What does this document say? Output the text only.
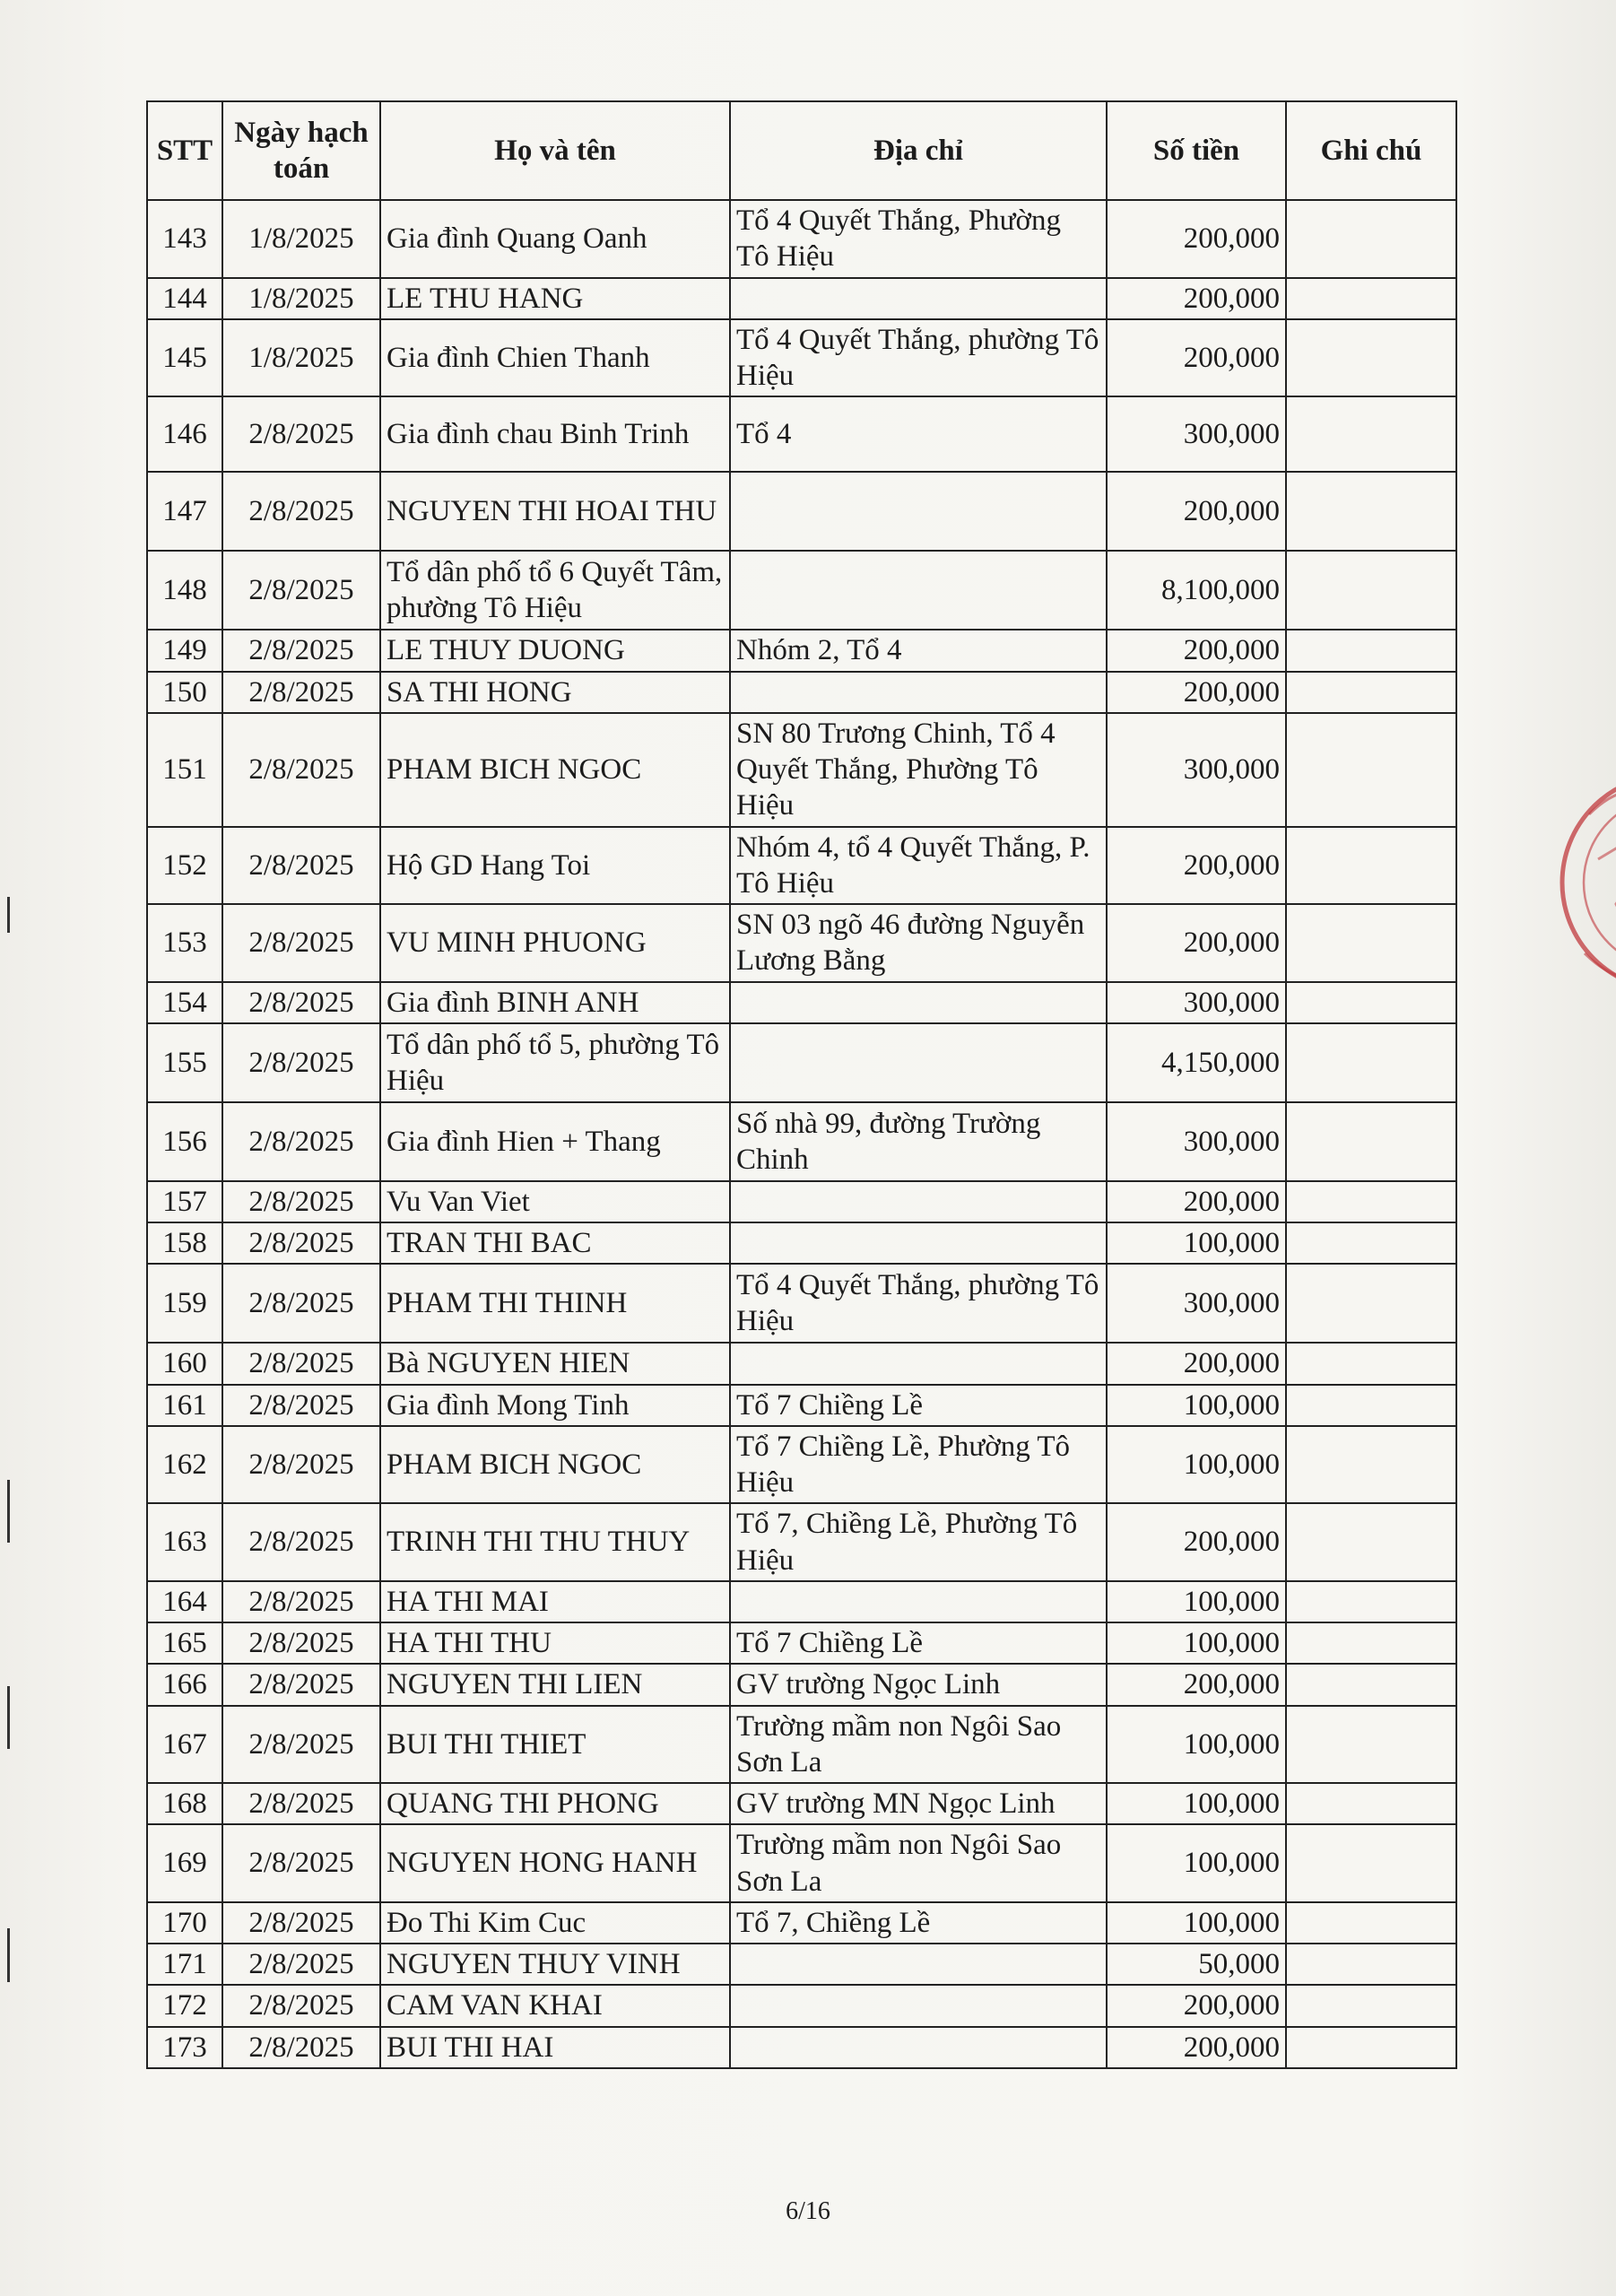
STT	Ngày hạch toán	Họ và tên	Địa chỉ	Số tiền	Ghi chú
143	1/8/2025	Gia đình Quang Oanh	Tổ 4 Quyết Thắng, Phường Tô Hiệu	200,000	
144	1/8/2025	LE THU HANG		200,000	
145	1/8/2025	Gia đình Chien Thanh	Tổ 4 Quyết Thắng, phường Tô Hiệu	200,000	
146	2/8/2025	Gia đình chau Binh Trinh	Tổ 4	300,000	
147	2/8/2025	NGUYEN THI HOAI THU		200,000	
148	2/8/2025	Tổ dân phố tổ 6 Quyết Tâm, phường Tô Hiệu		8,100,000	
149	2/8/2025	LE THUY DUONG	Nhóm 2, Tổ 4	200,000	
150	2/8/2025	SA THI HONG		200,000	
151	2/8/2025	PHAM BICH NGOC	SN 80 Trương Chinh, Tổ 4 Quyết Thắng, Phường Tô Hiệu	300,000	
152	2/8/2025	Hộ GD Hang Toi	Nhóm 4, tổ 4 Quyết Thắng, P. Tô Hiệu	200,000	
153	2/8/2025	VU MINH PHUONG	SN 03 ngõ 46 đường Nguyễn Lương Bằng	200,000	
154	2/8/2025	Gia đình BINH ANH		300,000	
155	2/8/2025	Tổ dân phố tổ 5, phường Tô Hiệu		4,150,000	
156	2/8/2025	Gia đình Hien + Thang	Số nhà 99, đường Trường Chinh	300,000	
157	2/8/2025	Vu Van Viet		200,000	
158	2/8/2025	TRAN THI BAC		100,000	
159	2/8/2025	PHAM THI THINH	Tổ 4 Quyết Thắng, phường Tô Hiệu	300,000	
160	2/8/2025	Bà NGUYEN HIEN		200,000	
161	2/8/2025	Gia đình Mong Tinh	Tổ 7 Chiềng Lề	100,000	
162	2/8/2025	PHAM BICH NGOC	Tổ 7 Chiềng Lề, Phường Tô Hiệu	100,000	
163	2/8/2025	TRINH THI THU THUY	Tổ 7, Chiềng Lề, Phường Tô Hiệu	200,000	
164	2/8/2025	HA THI MAI		100,000	
165	2/8/2025	HA THI THU	Tổ 7 Chiềng Lề	100,000	
166	2/8/2025	NGUYEN THI LIEN	GV trường Ngọc Linh	200,000	
167	2/8/2025	BUI THI THIET	Trường mầm non Ngôi Sao Sơn La	100,000	
168	2/8/2025	QUANG THI PHONG	GV trường MN Ngọc Linh	100,000	
169	2/8/2025	NGUYEN HONG HANH	Trường mầm non Ngôi Sao Sơn La	100,000	
170	2/8/2025	Đo Thi Kim Cuc	Tổ 7, Chiềng Lề	100,000	
171	2/8/2025	NGUYEN THUY VINH		50,000	
172	2/8/2025	CAM VAN KHAI		200,000	
173	2/8/2025	BUI THI HAI		200,000	
6/16
